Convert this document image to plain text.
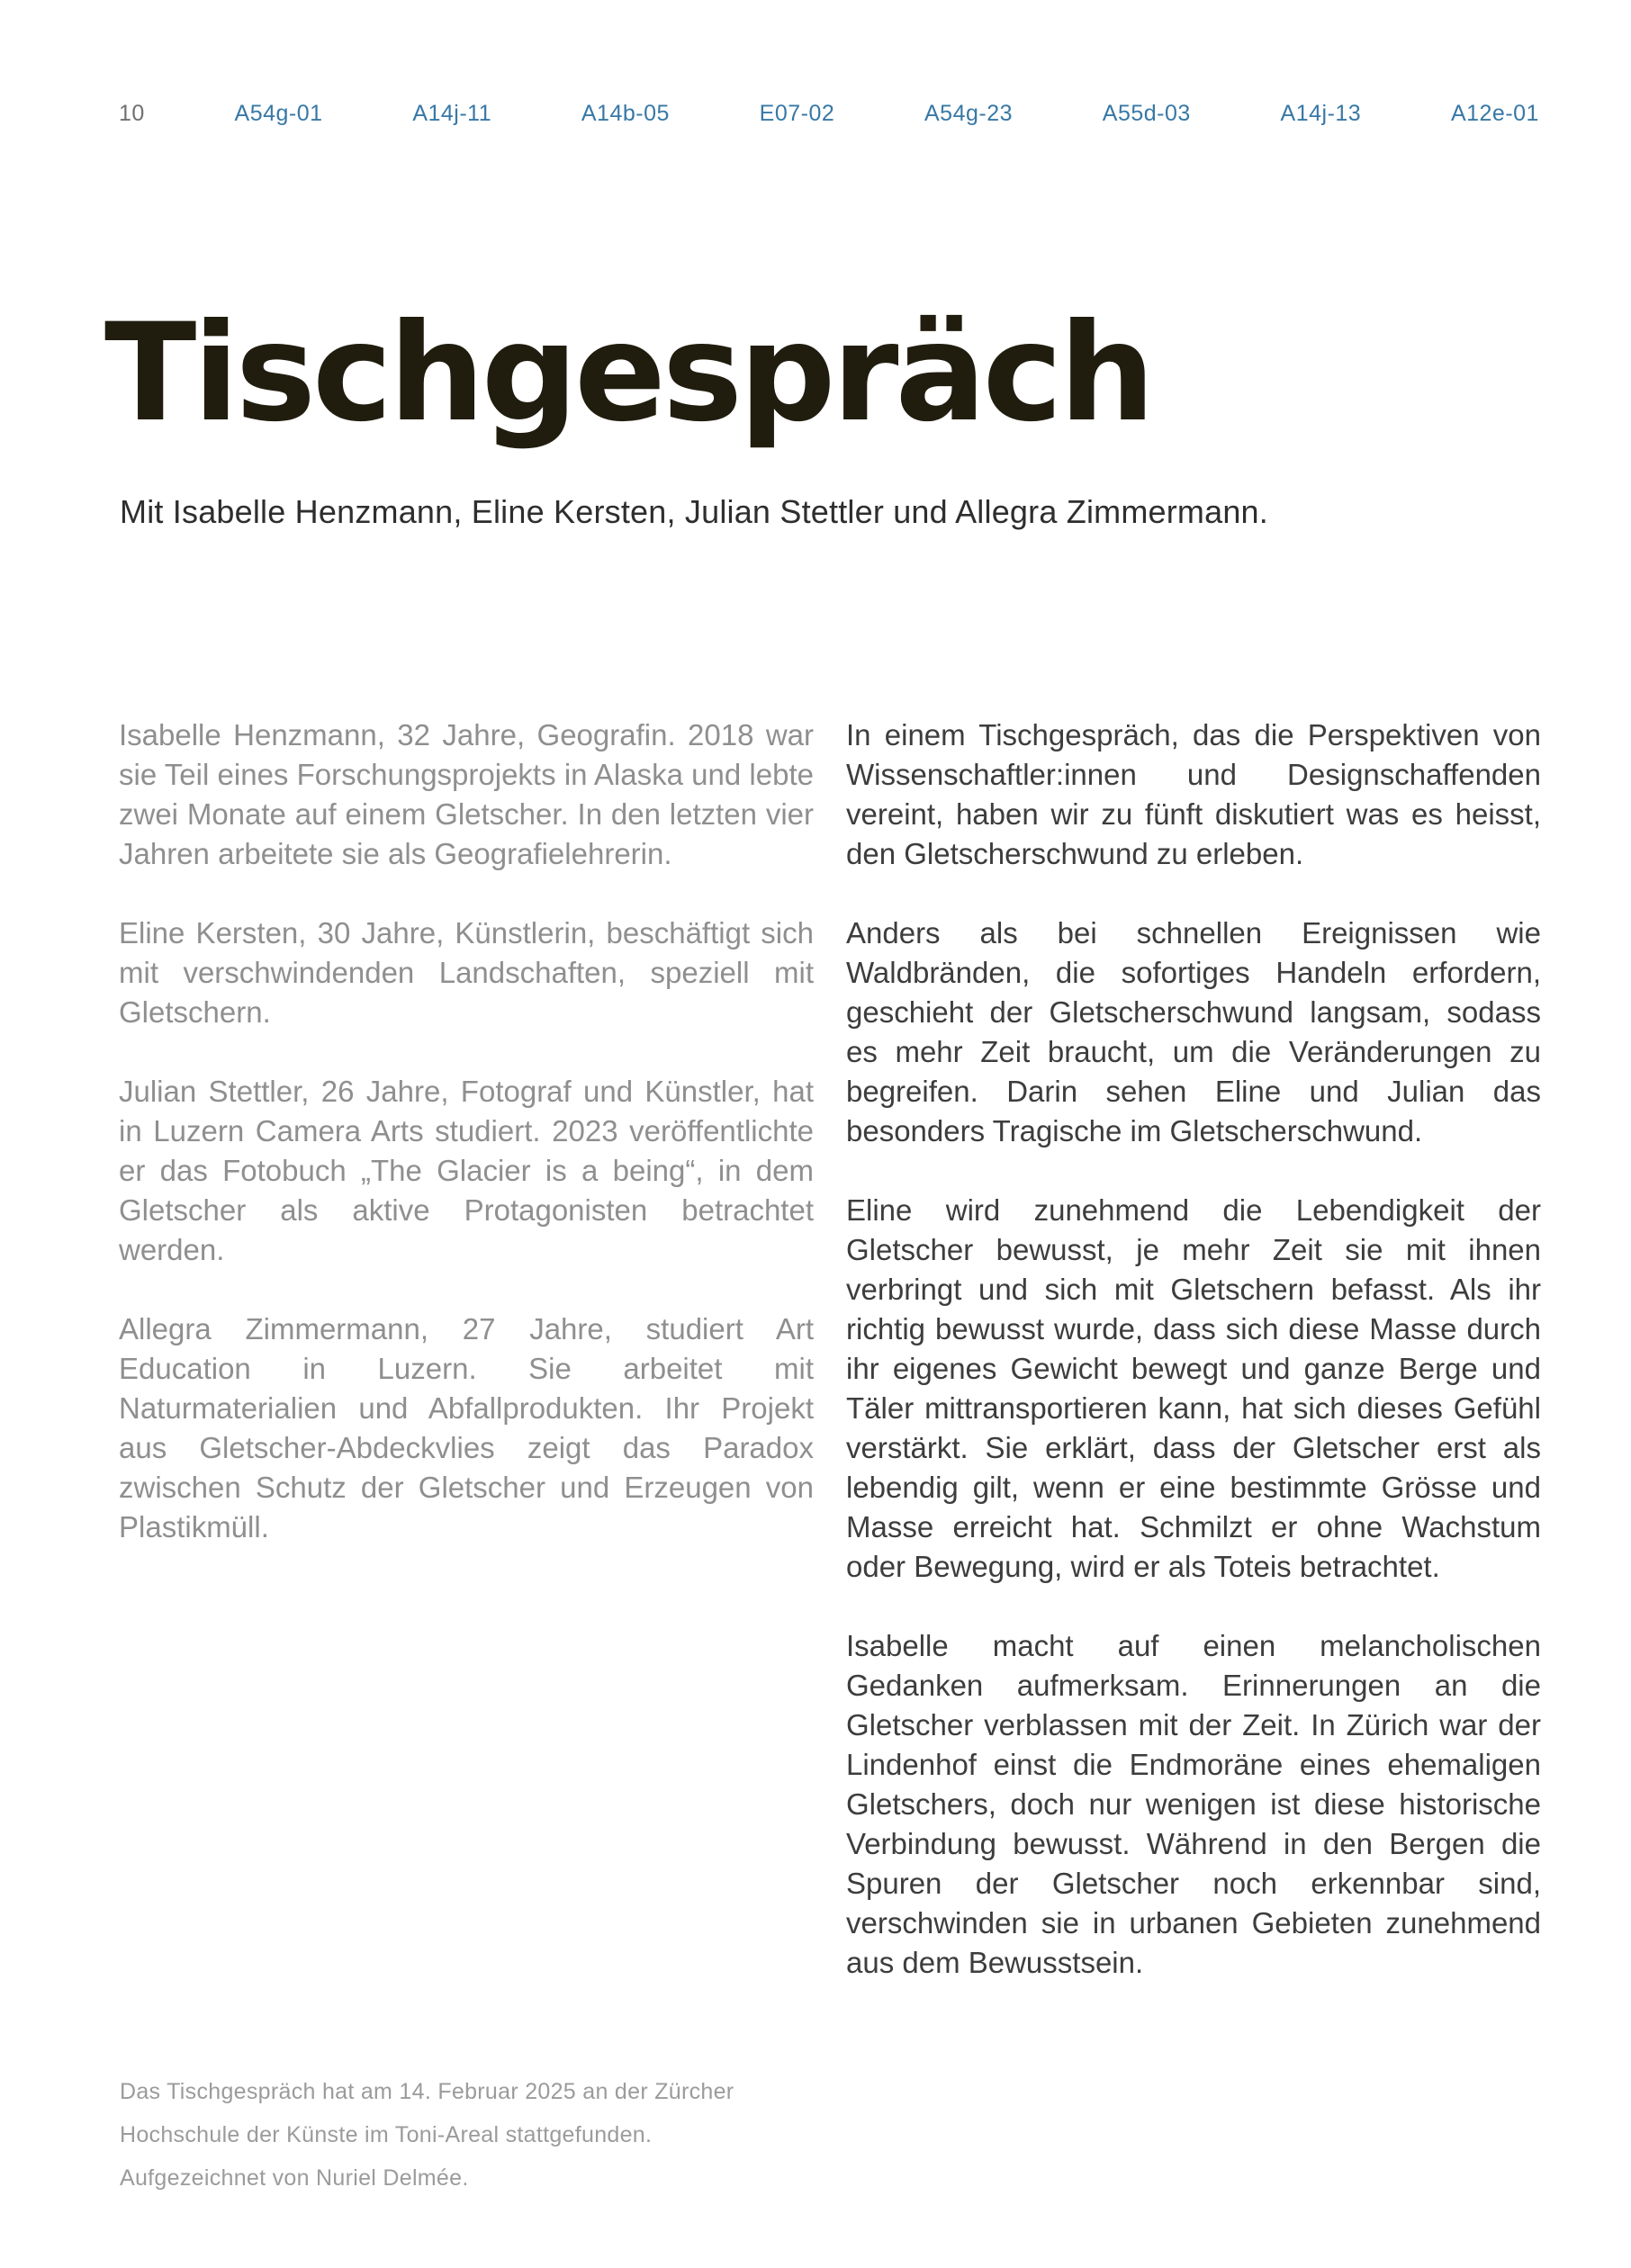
10	A54g-01	A14j-11	A14b-05	E07-02	A54g-23	A55d-03	A14j-13	A12e-01
Tischgespräch

Mit Isabelle Henzmann, Eline Kersten, Julian Stettler und Allegra Zimmermann.

Isabelle Henzmann, 32 Jahre, Geografin. 2018 war sie Teil eines Forschungsprojekts in Alaska und lebte zwei Monate auf einem Gletscher. In den letzten vier Jahren arbeitete sie als Geografielehrerin.

Eline Kersten, 30 Jahre, Künstlerin, beschäftigt sich mit verschwindenden Landschaften, speziell mit Gletschern.

Julian Stettler, 26 Jahre, Fotograf und Künstler, hat in Luzern Camera Arts studiert. 2023 veröffentlichte er das Fotobuch „The Glacier is a being“, in dem Gletscher als aktive Protagonisten betrachtet werden.

Allegra Zimmermann, 27 Jahre, studiert Art Education in Luzern. Sie arbeitet mit Naturmaterialien und Abfallprodukten. Ihr Projekt aus Gletscher-Abdeckvlies zeigt das Paradox zwischen Schutz der Gletscher und Erzeugen von Plastikmüll.

In einem Tischgespräch, das die Perspektiven von Wissenschaftler:innen und Designschaffenden vereint, haben wir zu fünft diskutiert was es heisst, den Gletscherschwund zu erleben.

Anders als bei schnellen Ereignissen wie Waldbränden, die sofortiges Handeln erfordern, geschieht der Gletscherschwund langsam, sodass es mehr Zeit braucht, um die Veränderungen zu begreifen. Darin sehen Eline und Julian das besonders Tragische im Gletscherschwund.

Eline wird zunehmend die Lebendigkeit der Gletscher bewusst, je mehr Zeit sie mit ihnen verbringt und sich mit Gletschern befasst. Als ihr richtig bewusst wurde, dass sich diese Masse durch ihr eigenes Gewicht bewegt und ganze Berge und Täler mittransportieren kann, hat sich dieses Gefühl verstärkt. Sie erklärt, dass der Gletscher erst als lebendig gilt, wenn er eine bestimmte Grösse und Masse erreicht hat. Schmilzt er ohne Wachstum oder Bewegung, wird er als Toteis betrachtet.

Isabelle macht auf einen melancholischen Gedanken aufmerksam. Erinnerungen an die Gletscher verblassen mit der Zeit. In Zürich war der Lindenhof einst die Endmoräne eines ehemaligen Gletschers, doch nur wenigen ist diese historische Verbindung bewusst. Während in den Bergen die Spuren der Gletscher noch erkennbar sind, verschwinden sie in urbanen Gebieten zunehmend aus dem Bewusstsein.

Das Tischgespräch hat am 14. Februar 2025 an der Zürcher
Hochschule der Künste im Toni-Areal stattgefunden.
Aufgezeichnet von Nuriel Delmée.
